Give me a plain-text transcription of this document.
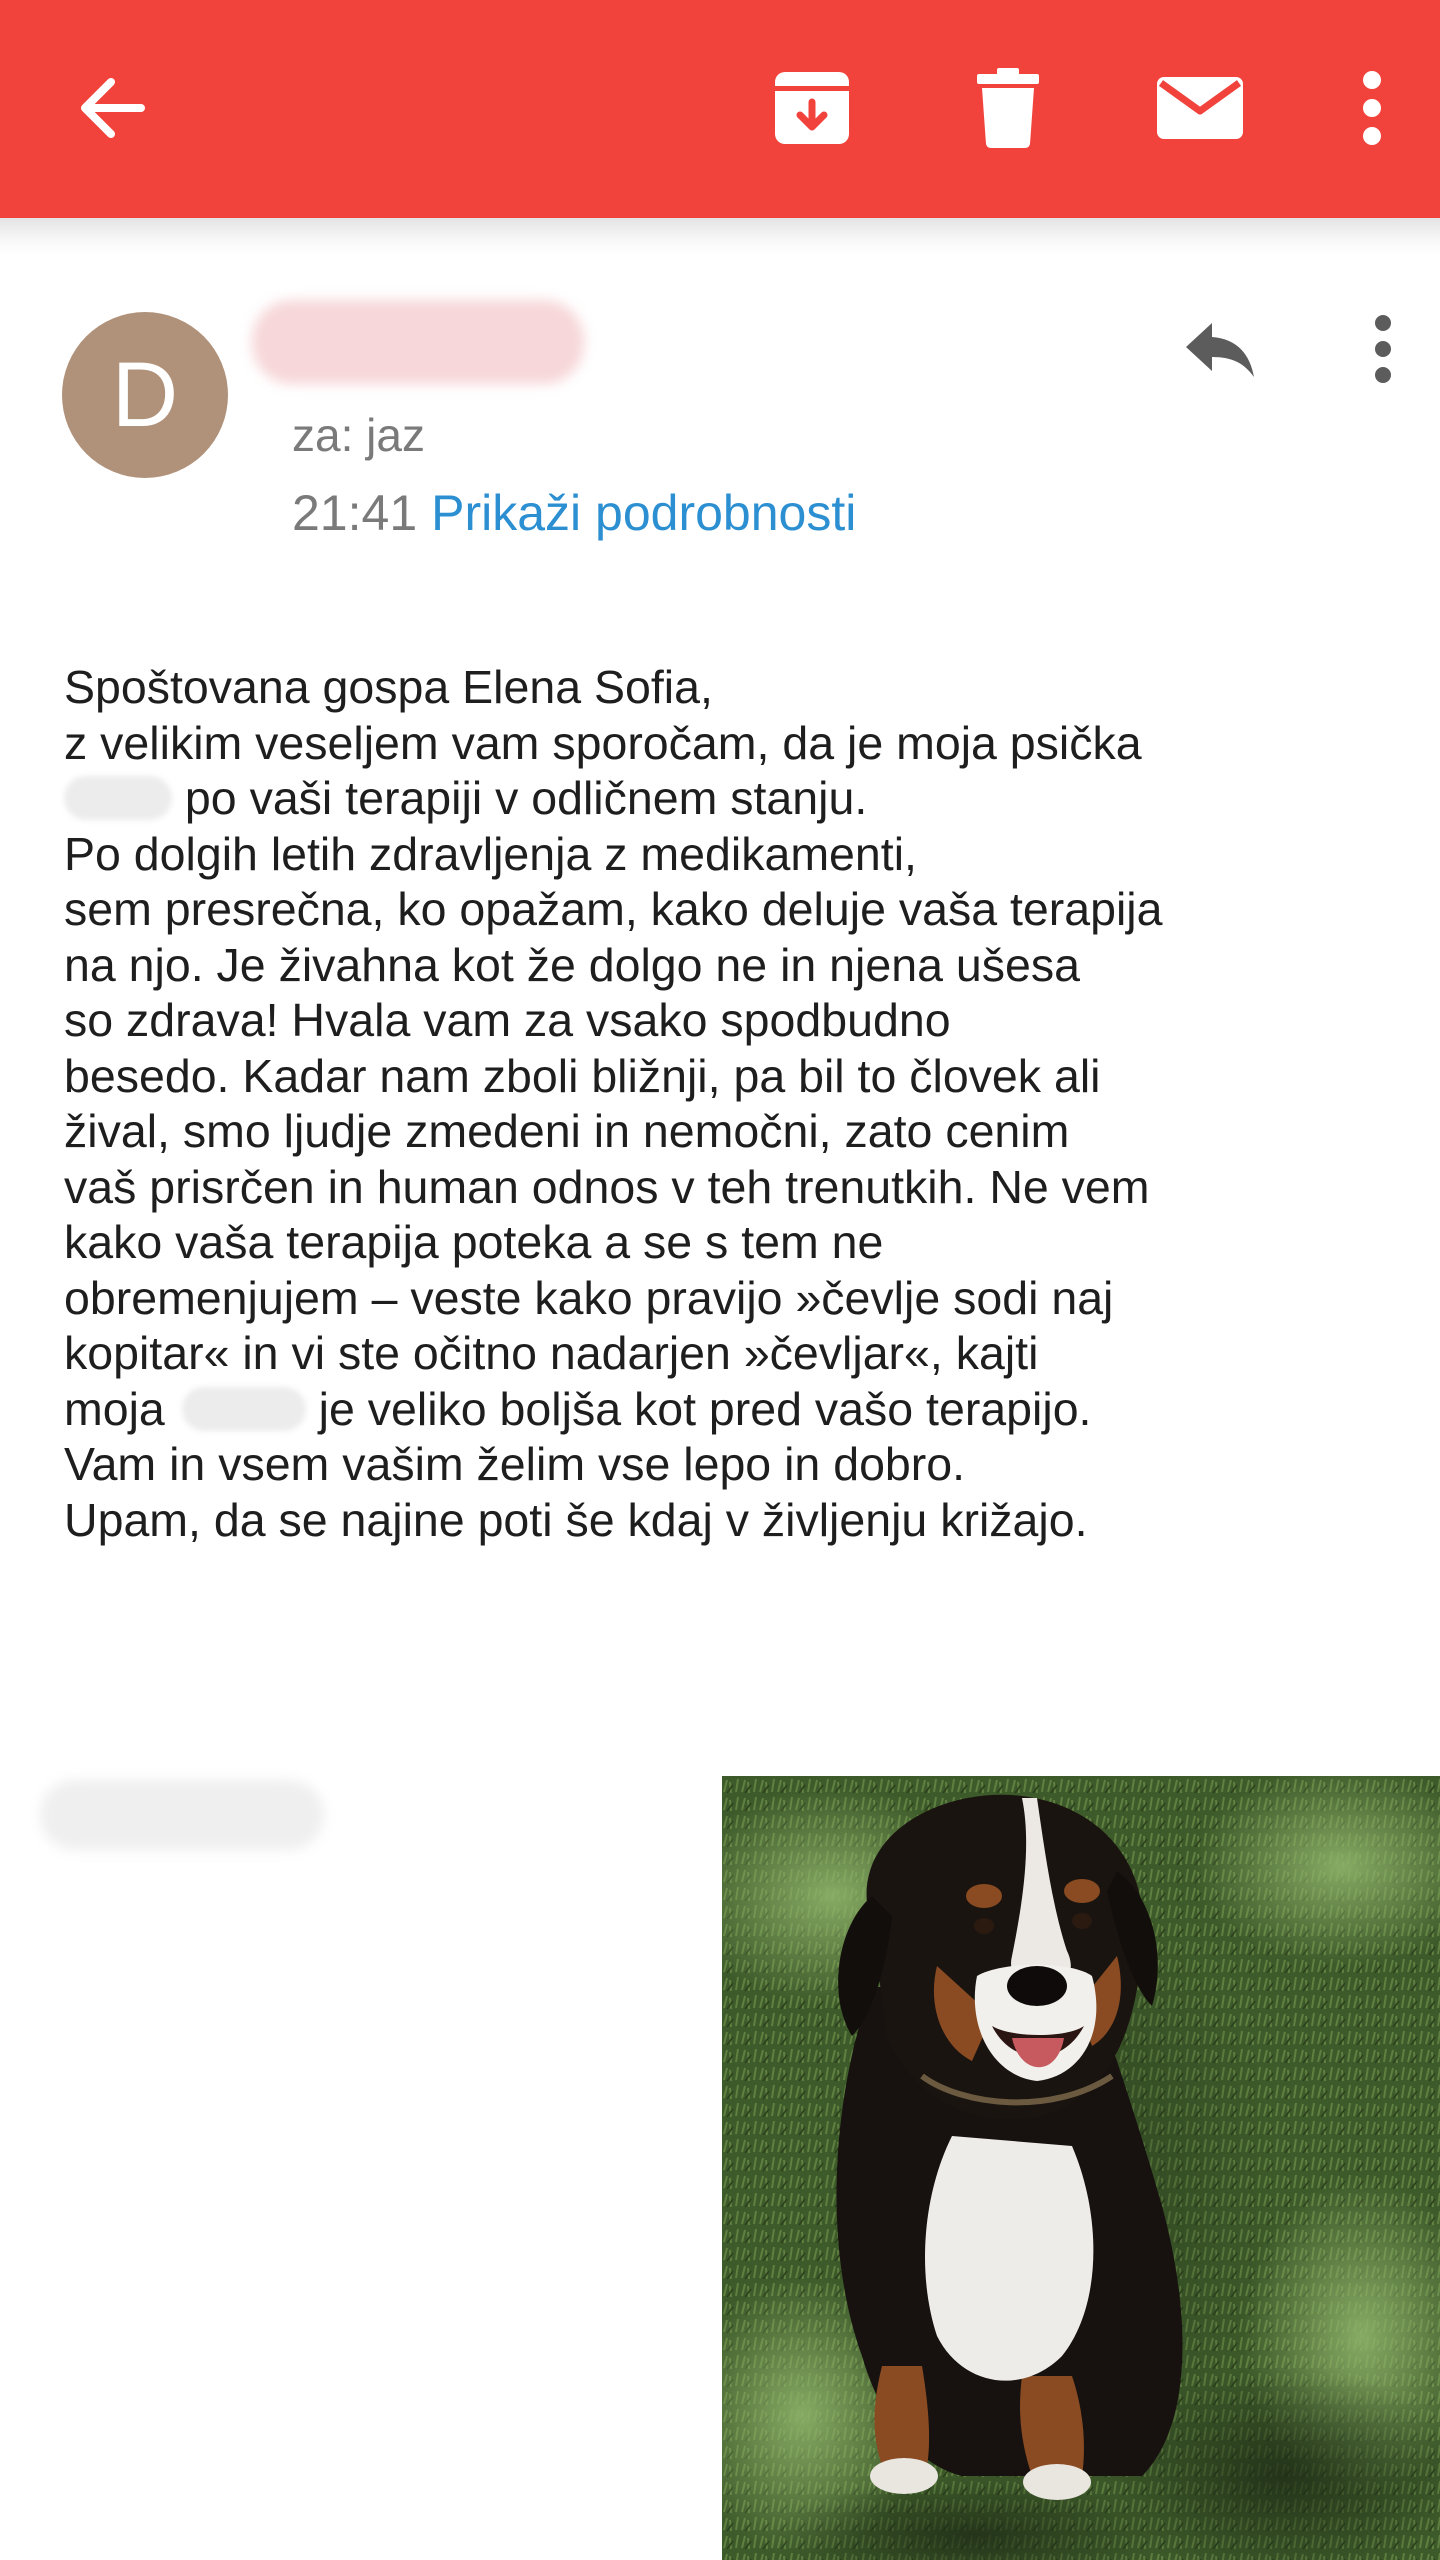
D za: jaz
21:41 Prikaži podrobnosti
Spoštovana gospa Elena Sofia,
z velikim veseljem vam sporočam, da je moja psička
po vaši terapiji v odličnem stanju.
Po dolgih letih zdravljenja z medikamenti,
sem presrečna, ko opažam, kako deluje vaša terapija
na njo. Je živahna kot že dolgo ne in njena ušesa
so zdrava! Hvala vam za vsako spodbudno
besedo. Kadar nam zboli bližnji, pa bil to človek ali
žival, smo ljudje zmedeni in nemočni, zato cenim
vaš prisrčen in human odnos v teh trenutkih. Ne vem
kako vaša terapija poteka a se s tem ne
obremenjujem – veste kako pravijo »čevlje sodi naj
kopitar« in vi ste očitno nadarjen »čevljar«, kajti
moja	je veliko boljša kot pred vašo terapijo.
Vam in vsem vašim želim vse lepo in dobro.
Upam, da se najine poti še kdaj v življenju križajo.
